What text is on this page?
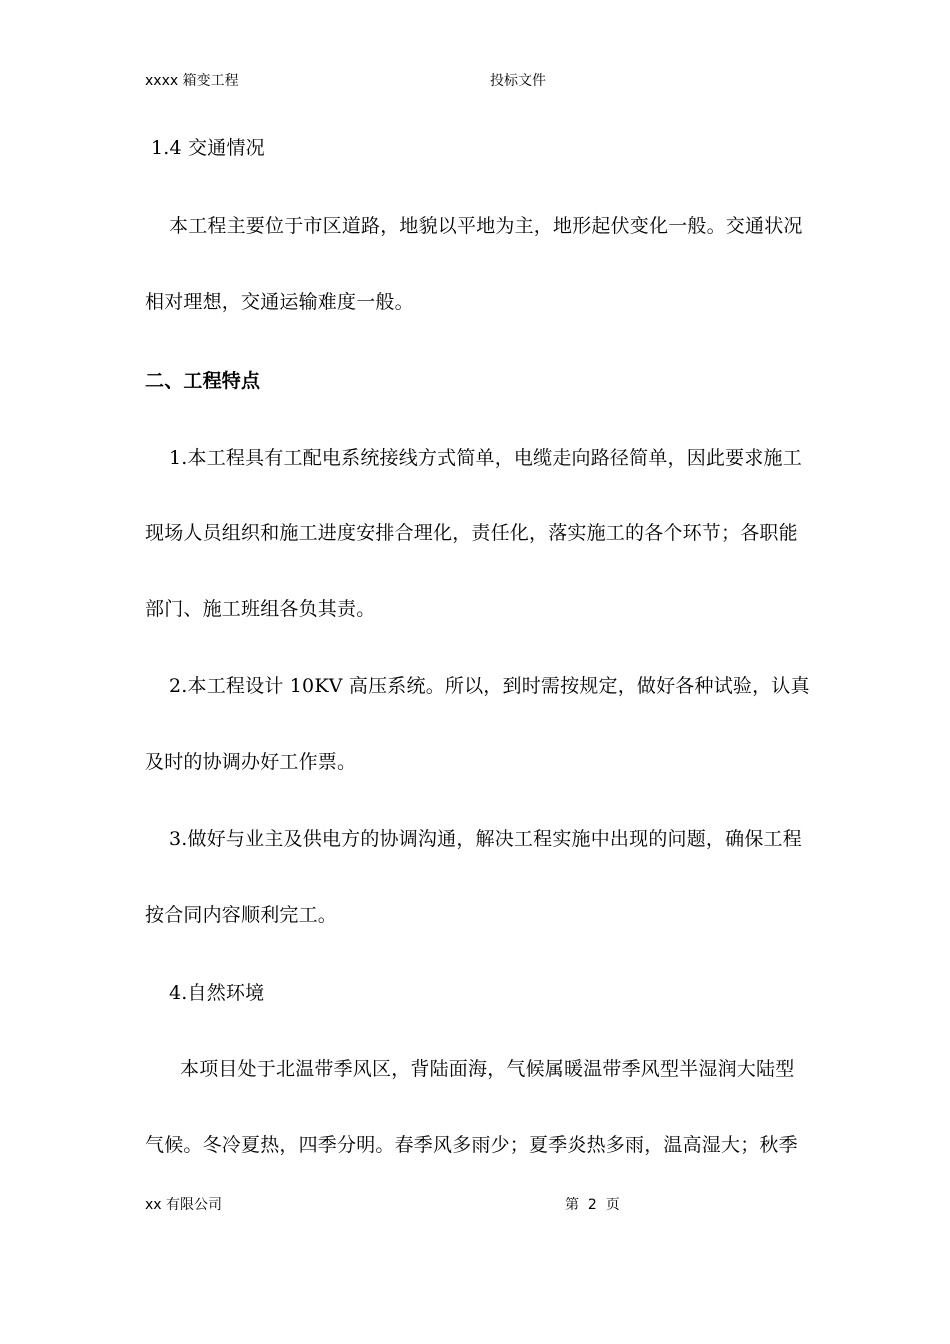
xxxx 箱变工程	投标文件
1.4 交通情况
本工程主要位于市区道路，地貌以平地为主，地形起伏变化一般。交通状况
相对理想，交通运输难度一般。
二、工程特点
1.本工程具有工配电系统接线方式简单，电缆走向路径简单，因此要求施工
现场人员组织和施工进度安排合理化，责任化，落实施工的各个环节；各职能
部门、施工班组各负其责。
2.本工程设计 10KV 高压系统。所以，到时需按规定，做好各种试验，认真
及时的协调办好工作票。
3.做好与业主及供电方的协调沟通，解决工程实施中出现的问题，确保工程
按合同内容顺利完工。
4.自然环境
本项目处于北温带季风区，背陆面海，气候属暖温带季风型半湿润大陆型
气候。冬冷夏热，四季分明。春季风多雨少；夏季炎热多雨，温高湿大；秋季
xx 有限公司	第  2  页
